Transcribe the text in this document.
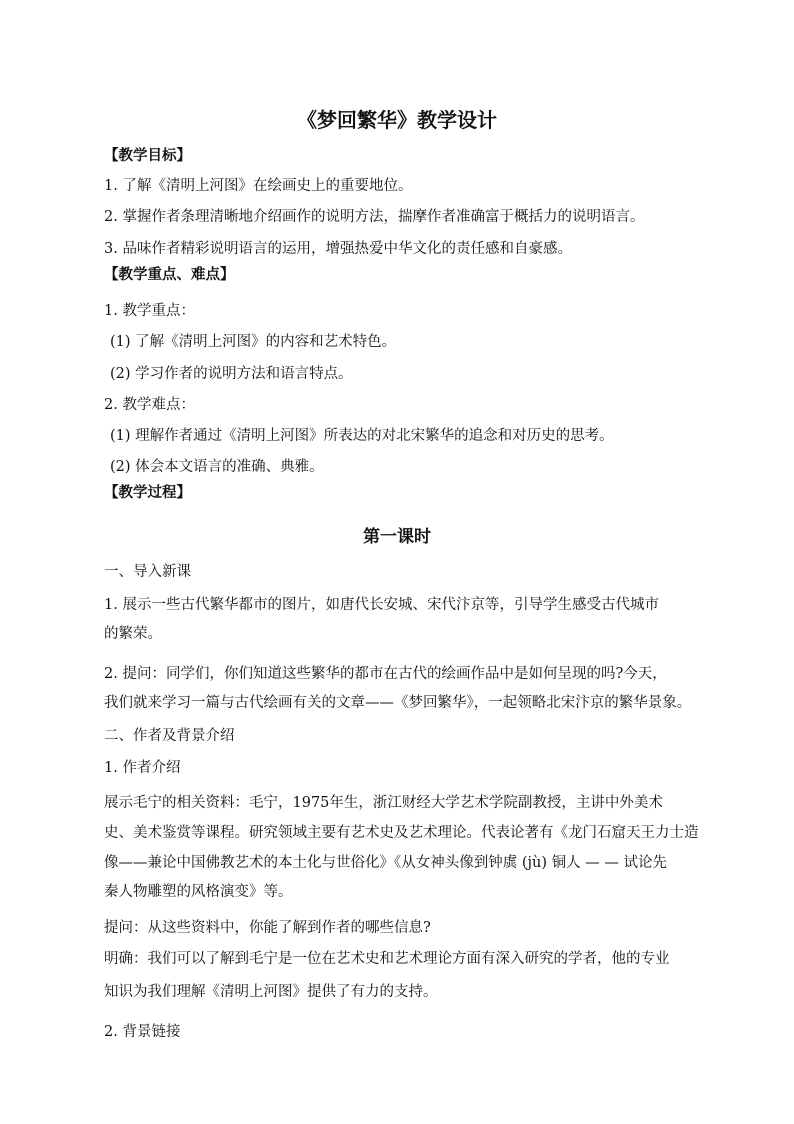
《梦回繁华》教学设计
【教学目标】
1. 了解《清明上河图》在绘画史上的重要地位。
2. 掌握作者条理清晰地介绍画作的说明方法，揣摩作者准确富于概括力的说明语言。
3. 品味作者精彩说明语言的运用，增强热爱中华文化的责任感和自豪感。
【教学重点、难点】
1. 教学重点：
(1) 了解《清明上河图》的内容和艺术特色。
(2) 学习作者的说明方法和语言特点。
2. 教学难点：
(1) 理解作者通过《清明上河图》所表达的对北宋繁华的追念和对历史的思考。
(2) 体会本文语言的准确、典雅。
【教学过程】
第一课时
一、导入新课
1. 展示一些古代繁华都市的图片，如唐代长安城、宋代汴京等，引导学生感受古代城市
的繁荣。
2. 提问：同学们，你们知道这些繁华的都市在古代的绘画作品中是如何呈现的吗?今天，
我们就来学习一篇与古代绘画有关的文章——《梦回繁华》，一起领略北宋汴京的繁华景象。
二、作者及背景介绍
1. 作者介绍
展示毛宁的相关资料：毛宁，1975年生，浙江财经大学艺术学院副教授，主讲中外美术
史、美术鉴赏等课程。研究领域主要有艺术史及艺术理论。代表论著有《龙门石窟天王力士造
像——兼论中国佛教艺术的本土化与世俗化》《从女神头像到钟虡 (jù) 铜人 — — 试论先
秦人物雕塑的风格演变》等。
提问：从这些资料中，你能了解到作者的哪些信息?
明确：我们可以了解到毛宁是一位在艺术史和艺术理论方面有深入研究的学者，他的专业
知识为我们理解《清明上河图》提供了有力的支持。
2. 背景链接
